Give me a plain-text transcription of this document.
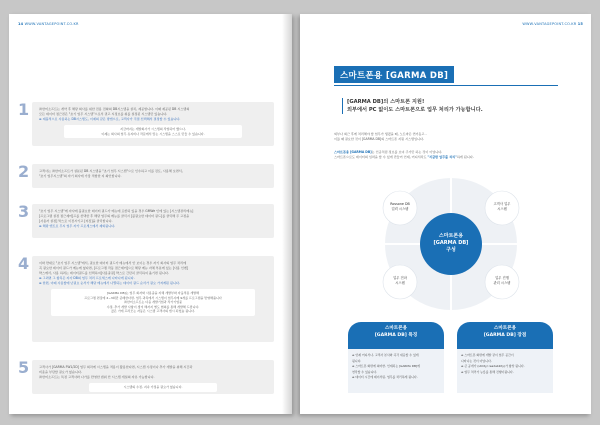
14 WWW.VANTAGEPOINT.CO.KR
1	㈜한미소프트는 개약 후 해당 회사를 위한 전용 전화의 DB시스템을 설치, 제공합니다. 이때 제공된 DB 시스템의
모든 데이터 접근권은 "초기 업무 시스템"으로서 권고 시정보를 위를 설정된 시스템만 있습니다.
➡ 제품적으로 사용하는 DB시스템도, 이제의 같은 방법으로, 고객사가 직접 선택해서 결정할 수 있습니다.
지금까지는 개발회사가 시스템의 작업되어 했으나,
이제는 회사의 업무 유지비나 작문에서 맞는 시스템을 스스로 만들 수 있습니다.
2	고객사는 ㈜한미소프트가 설분된 DB 시스템을 "초기 업무 시스템"으로 인수하고 이를 검토, 사용해 보면서,
"초기 업무시스템"의 자기 회사에 가장 적합한 지 확인합니다.
3	"초기 업무 시스템"에 자사에 불필요한 데이터 필드가 메뉴에 포함되 있을 경우 GMWe 인에 있는 [시스템관리메뉴]
[프로그램 설정 접근제어]프를 선택한 후 해당 업무의 메뉴를 클릭시 [불필요한 데이터 필드]를 클릭해 주 고정을
[사용자 설정] 박스로 이전시키고 [저장]을 클릭합니다.
➡ 해당 엔트로 무시 업무 자가 프로세스에서 제외됩니다.
4	이와 반대로 "초기 업무 시스템"에서, 필요한 데이터 필드가 메뉴에서 안 보이는 경우 자기 회사의 업무 처리에
꼭 필요한 데이터 필드가 메뉴에 없다면, [프로그램 작동 접근제어]으로 해당 메뉴 자체 부분에 있는 [사용 인벤]
박스에서, 사용 하려는 데이터필드를 선택하여[사용중필] 박스로 간단히 클릭하여 옮기면 됩니다.
➡ 그러면 그 항목은 자사 DB의 업무 처리 프로세스에 나타나게 됩니다.
➡ 한편, 이때 사용할에 난필요 순서가 해당 메뉴에서 나열되는 데이터 필드 순서가 필요 가져계원 됩니다.
[GARMA DB]는 업무 회자와 사용중을 자체 개발부와 자율적용 개발해
프로그램 편집에 2~3회만 준배한다면, 업무 과목에서 시스템이 업무사례 9개를 프로그램을 반영해줍니다
㈜한미소프트는 다음 개발기업과 작가기업중
수정, 추가 개발 사항이 생겨 해자지 별도 협의를 통해 개발해 드립니다.
끊은 기에 프라모는 자동은 시스템 고객사의 법시 되었습 됩니다.
5	고객사가 [GARMA FW1/2D] 업무 회차에 시스템을 적용이 활용한다면, 시스템 수정이나 추가 개발을 위해 시간과
비용을 부담할 필요가 없습니다.
㈜한미소프트는 특정 고객사와 나가를 반영한 범위 안 시스템 개설의 자유 가능합니다.
시스템의 수정, 지속 가정을 필요가 없습니다.
WWW.VANTAGEPOINT.CO.KR 15
스마트폰용 [GARMA DB]
[GARMA DB]의 스마트폰 지원!
외부에서 PC 없이도 스마트폰으로 업무 처리가 가능합니다.
외부나 회근 후에 처리해야 할 업무가 생겼을 때, 노트바은 켠거동고 -
이틀 때 필요한 것이 [GARMA DB]의 스마트폰 지원 시스템입니다.
스마트폰용 [GARMA DB]는 인공처럼 정보를 보여 주기만 하는 것이 아닙니다.
스마트폰으로도 데이터의 입력을 할 수 있게 만들어 언제, 어디서라도 "지금한 업무를 처리"하게 됩니다.
스마트폰용
[GARMA DB]
구성
Rossone DB
업력 시스템
고객사 업무
시스템
업무 전파
시스템
업무 진행
관리 시스템
스마트폰용
[GARMA DB] 특징
➡ 언제 어디서나, 고객사 본사와 즉각 대응할 수 있게
됩니다.
➡ 스마트폰 화면에 의미한, 인재되는 [GARMA DB]에
연락할 수 있습니다.
➡ 데이터 시간에 제이서린, 업무를 처리하게 됩니다.
스마트폰용
[GARMA DB] 장점
➡ 스마트폰 화면에 개발 같이 업무 공간이
나타나는 것이 아닙니다.
➡ 큰 공개가 (utility/ readability)가 향상 됩니다.
➡ 업무 처리가 뉴릉를 통해 진행이됩니다.
